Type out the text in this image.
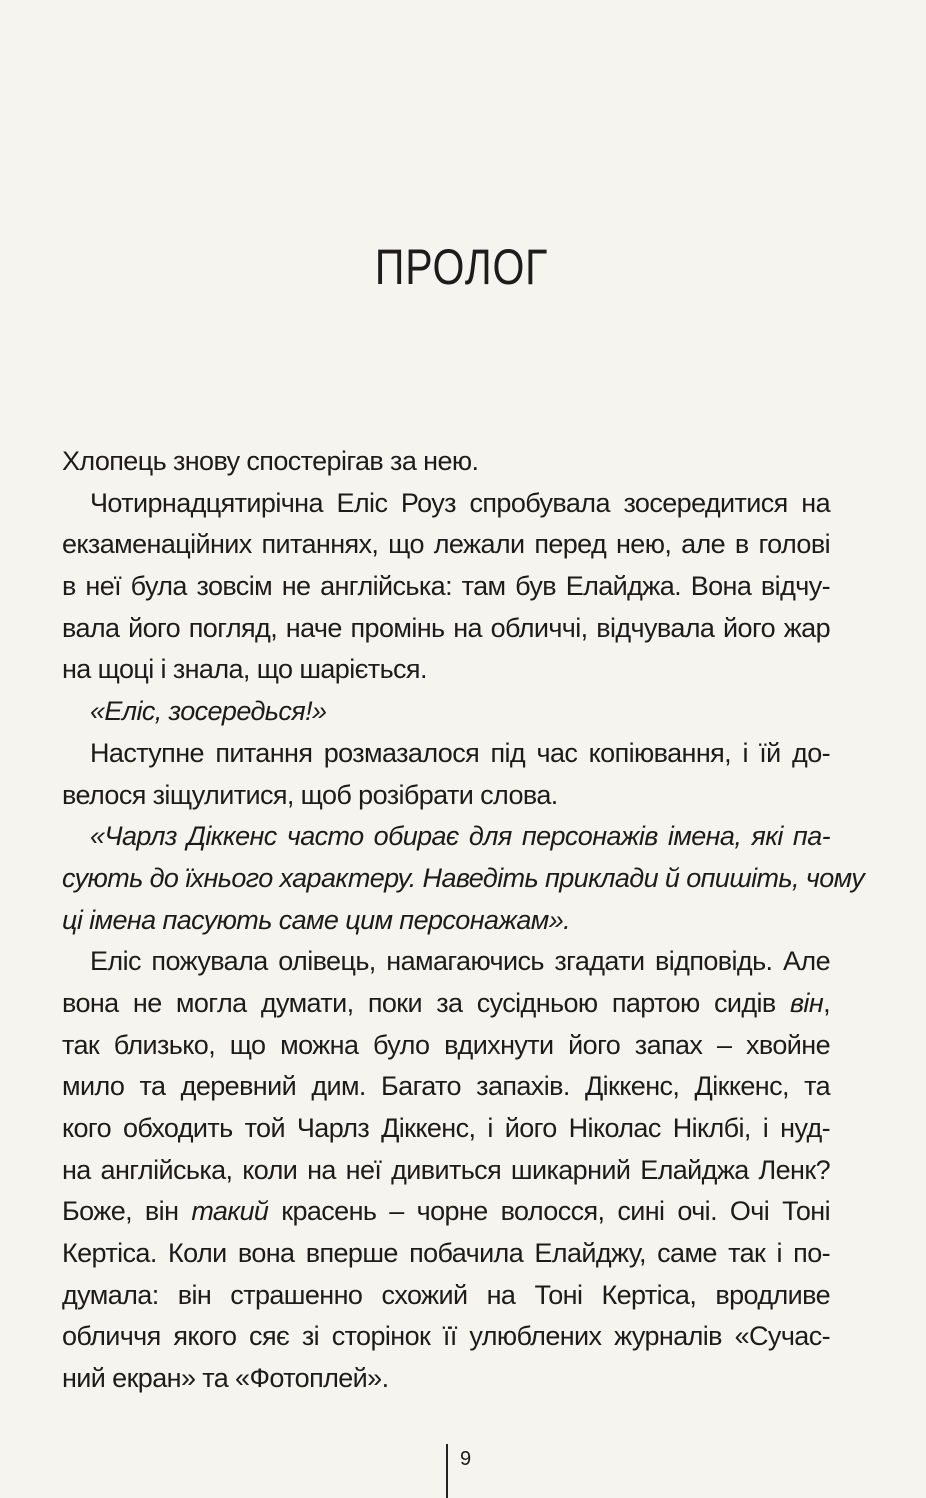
ПРОЛОГ
Хлопець знову спостерігав за нею.
Чотирнадцятирічна Еліс Роуз спробувала зосередитися на
екзаменаційних питаннях, що лежали перед нею, але в голові
в неї була зовсім не англійська: там був Елайджа. Вона відчу-
вала його погляд, наче промінь на обличчі, відчувала його жар
на щоці і знала, що шаріється.
«Еліс, зосередься!»
Наступне питання розмазалося під час копіювання, і їй до-
велося зіщулитися, щоб розібрати слова.
«Чарлз Діккенс часто обирає для персонажів імена, які па-
сують до їхнього характеру. Наведіть приклади й опишіть, чому
ці імена пасують саме цим персонажам».
Еліс пожувала олівець, намагаючись згадати відповідь. Але
вона не могла думати, поки за сусідньою партою сидів він,
так близько, що можна було вдихнути його запах – хвойне
мило та деревний дим. Багато запахів. Діккенс, Діккенс, та
кого обходить той Чарлз Діккенс, і його Ніколас Ніклбі, і нуд-
на англійська, коли на неї дивиться шикарний Елайджа Ленк?
Боже, він такий красень – чорне волосся, сині очі. Очі Тоні
Кертіса. Коли вона вперше побачила Елайджу, саме так і по-
думала: він страшенно схожий на Тоні Кертіса, вродливе
обличчя якого сяє зі сторінок її улюблених журналів «Сучас-
ний екран» та «Фотоплей».
9
